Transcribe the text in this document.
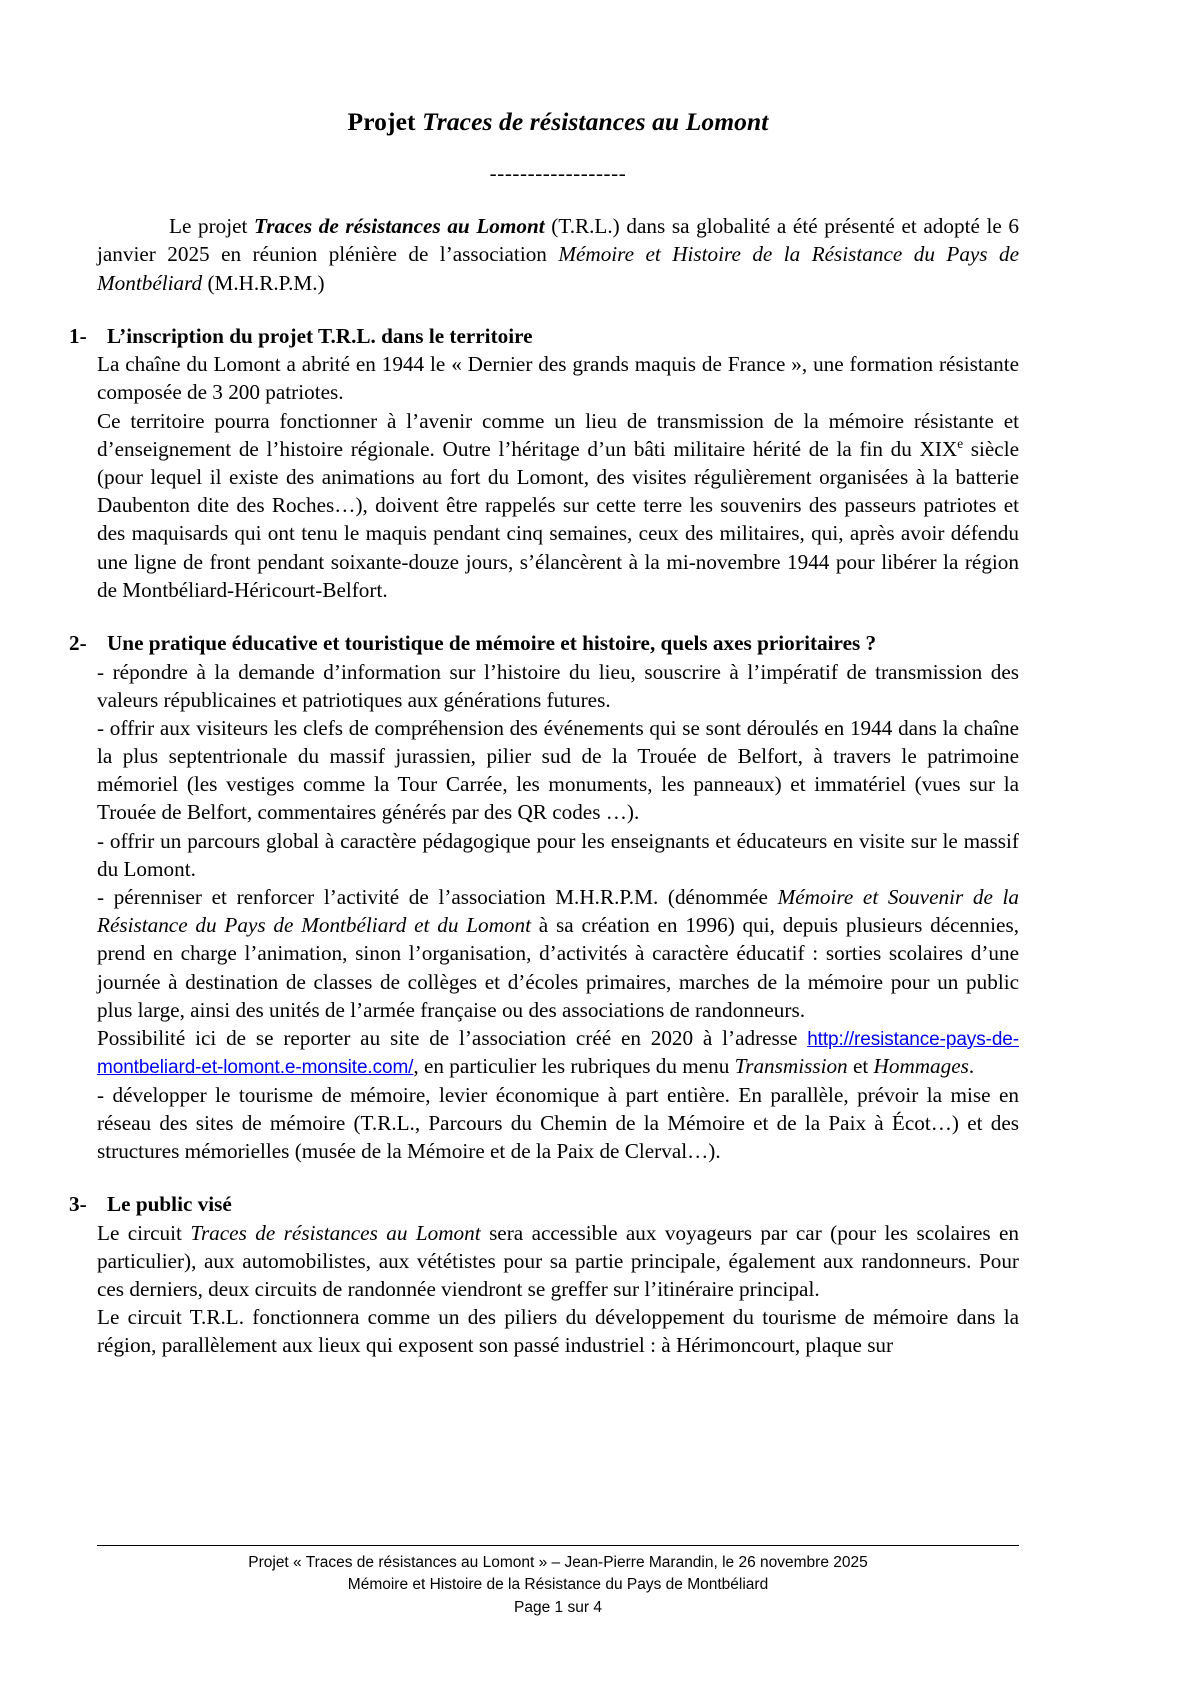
Projet Traces de résistances au Lomont
------------------

Le projet Traces de résistances au Lomont (T.R.L.) dans sa globalité a été présenté et adopté le 6 janvier 2025 en réunion plénière de l’association Mémoire et Histoire de la Résistance du Pays de Montbéliard (M.H.R.P.M.)

1- L’inscription du projet T.R.L. dans le territoire

La chaîne du Lomont a abrité en 1944 le « Dernier des grands maquis de France », une formation résistante composée de 3 200 patriotes.

Ce territoire pourra fonctionner à l’avenir comme un lieu de transmission de la mémoire résistante et d’enseignement de l’histoire régionale. Outre l’héritage d’un bâti militaire hérité de la fin du XIXe siècle (pour lequel il existe des animations au fort du Lomont, des visites régulièrement organisées à la batterie Daubenton dite des Roches…), doivent être rappelés sur cette terre les souvenirs des passeurs patriotes et des maquisards qui ont tenu le maquis pendant cinq semaines, ceux des militaires, qui, après avoir défendu une ligne de front pendant soixante-douze jours, s’élancèrent à la mi-novembre 1944 pour libérer la région de Montbéliard-Héricourt-Belfort.

2- Une pratique éducative et touristique de mémoire et histoire, quels axes prioritaires ?

- répondre à la demande d’information sur l’histoire du lieu, souscrire à l’impératif de transmission des valeurs républicaines et patriotiques aux générations futures.

- offrir aux visiteurs les clefs de compréhension des événements qui se sont déroulés en 1944 dans la chaîne la plus septentrionale du massif jurassien, pilier sud de la Trouée de Belfort, à travers le patrimoine mémoriel (les vestiges comme la Tour Carrée, les monuments, les panneaux) et immatériel (vues sur la Trouée de Belfort, commentaires générés par des QR codes …).

- offrir un parcours global à caractère pédagogique pour les enseignants et éducateurs en visite sur le massif du Lomont.

- pérenniser et renforcer l’activité de l’association M.H.R.P.M. (dénommée Mémoire et Souvenir de la Résistance du Pays de Montbéliard et du Lomont à sa création en 1996) qui, depuis plusieurs décennies, prend en charge l’animation, sinon l’organisation, d’activités à caractère éducatif : sorties scolaires d’une journée à destination de classes de collèges et d’écoles primaires, marches de la mémoire pour un public plus large, ainsi des unités de l’armée française ou des associations de randonneurs.

Possibilité ici de se reporter au site de l’association créé en 2020 à l’adresse http://resistance-pays-de-montbeliard-et-lomont.e-monsite.com/, en particulier les rubriques du menu Transmission et Hommages.

- développer le tourisme de mémoire, levier économique à part entière. En parallèle, prévoir la mise en réseau des sites de mémoire (T.R.L., Parcours du Chemin de la Mémoire et de la Paix à Écot…) et des structures mémorielles (musée de la Mémoire et de la Paix de Clerval…).

3- Le public visé

Le circuit Traces de résistances au Lomont sera accessible aux voyageurs par car (pour les scolaires en particulier), aux automobilistes, aux vététistes pour sa partie principale, également aux randonneurs. Pour ces derniers, deux circuits de randonnée viendront se greffer sur l’itinéraire principal.

Le circuit T.R.L. fonctionnera comme un des piliers du développement du tourisme de mémoire dans la région, parallèlement aux lieux qui exposent son passé industriel : à Hérimoncourt, plaque sur

Projet « Traces de résistances au Lomont » – Jean-Pierre Marandin, le 26 novembre 2025

Mémoire et Histoire de la Résistance du Pays de Montbéliard

Page 1 sur 4
